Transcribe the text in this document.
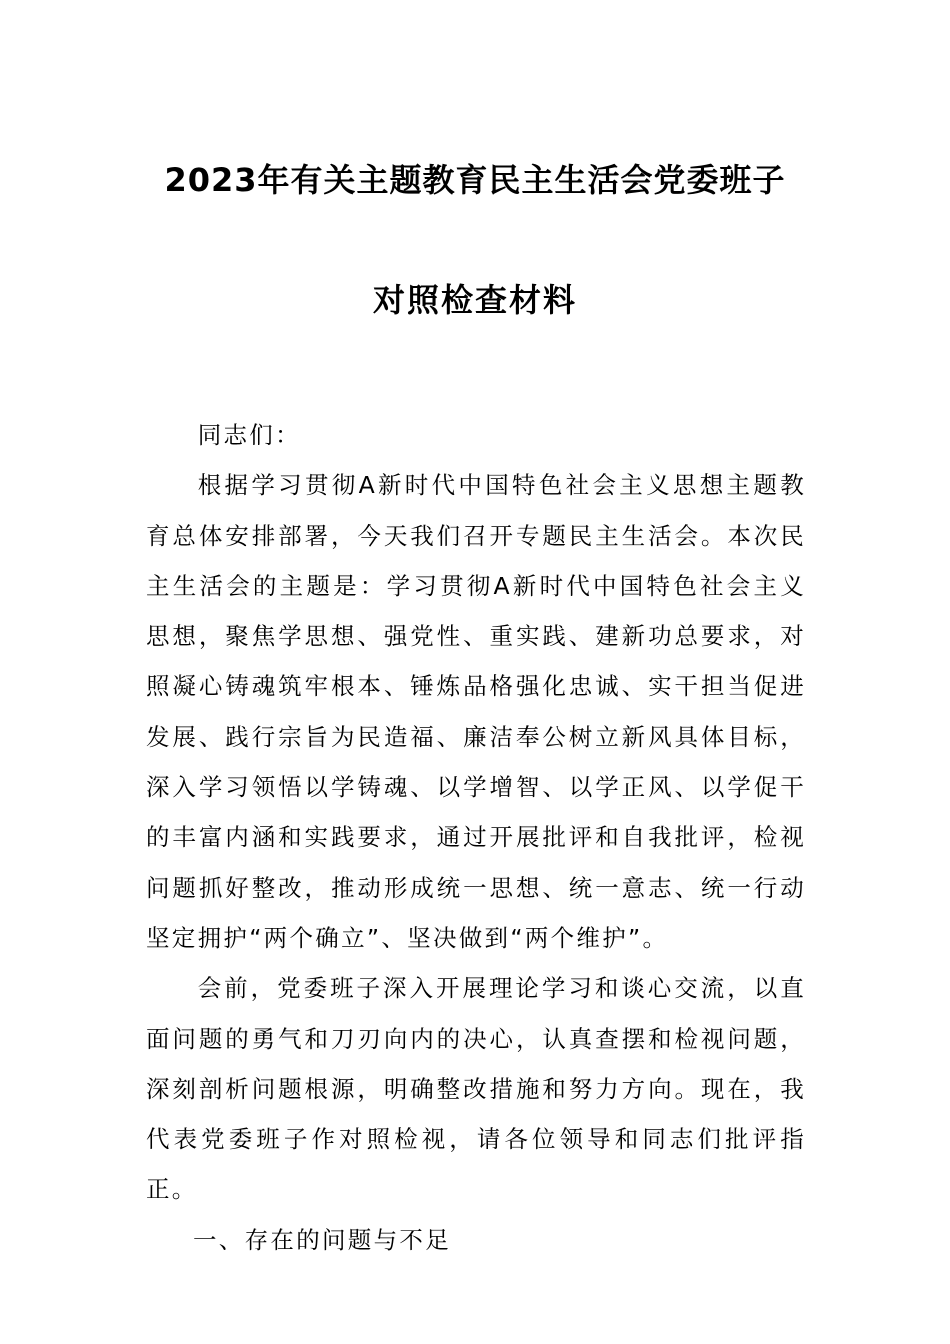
2023年有关主题教育民主生活会党委班子
对照检查材料

同志们：

根据学习贯彻A新时代中国特色社会主义思想主题教育总体安排部署，今天我们召开专题民主生活会。本次民主生活会的主题是：学习贯彻A新时代中国特色社会主义思想，聚焦学思想、强党性、重实践、建新功总要求，对照凝心铸魂筑牢根本、锤炼品格强化忠诚、实干担当促进发展、践行宗旨为民造福、廉洁奉公树立新风具体目标，深入学习领悟以学铸魂、以学增智、以学正风、以学促干的丰富内涵和实践要求，通过开展批评和自我批评，检视问题抓好整改，推动形成统一思想、统一意志、统一行动坚定拥护“两个确立”、坚决做到“两个维护”。

会前，党委班子深入开展理论学习和谈心交流，以直面问题的勇气和刀刃向内的决心，认真查摆和检视问题，深刻剖析问题根源，明确整改措施和努力方向。现在，我代表党委班子作对照检视，请各位领导和同志们批评指正。

一、存在的问题与不足
